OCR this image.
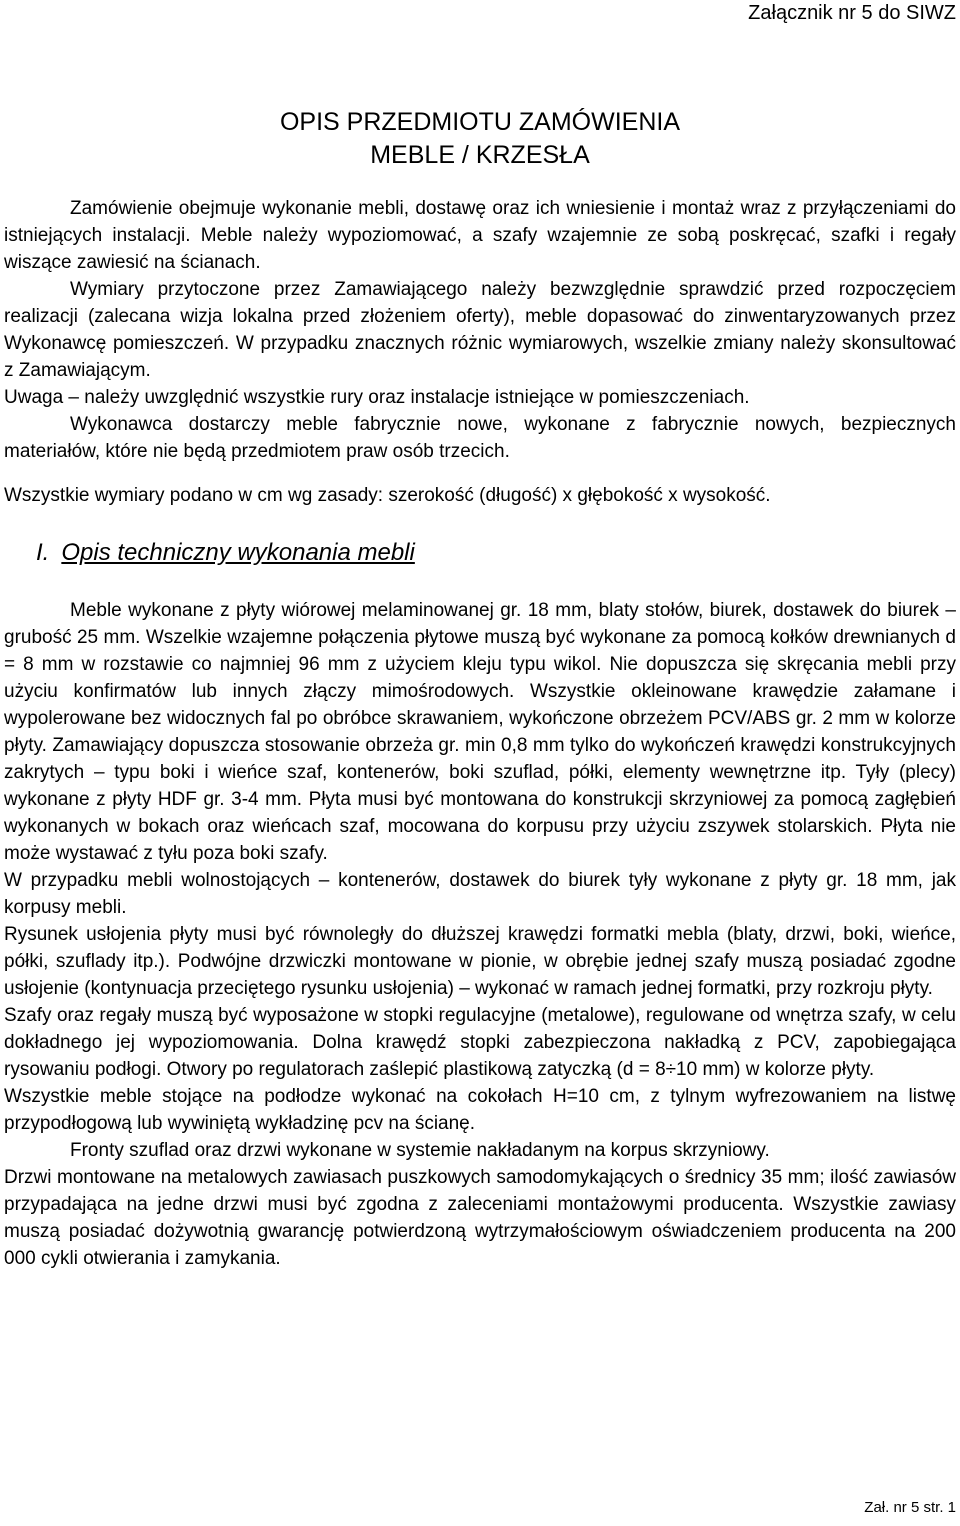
Załącznik nr 5 do SIWZ
OPIS PRZEDMIOTU ZAMÓWIENIA
MEBLE / KRZESŁA

Zamówienie obejmuje wykonanie mebli, dostawę oraz ich wniesienie i montaż wraz z przyłączeniami do istniejących instalacji. Meble należy wypoziomować, a szafy wzajemnie ze sobą poskręcać, szafki i regały wiszące zawiesić na ścianach.

Wymiary przytoczone przez Zamawiającego należy bezwzględnie sprawdzić przed rozpoczęciem realizacji (zalecana wizja lokalna przed złożeniem oferty), meble dopasować do zinwentaryzowanych przez Wykonawcę pomieszczeń. W przypadku znacznych różnic wymiarowych, wszelkie zmiany należy skonsultować z Zamawiającym.

Uwaga – należy uwzględnić wszystkie rury oraz instalacje istniejące w pomieszczeniach.

Wykonawca dostarczy meble fabrycznie nowe, wykonane z fabrycznie nowych, bezpiecznych materiałów, które nie będą przedmiotem praw osób trzecich.

Wszystkie wymiary podano w cm wg zasady: szerokość (długość) x głębokość x wysokość.

I. Opis techniczny wykonania mebli

Meble wykonane z płyty wiórowej melaminowanej gr. 18 mm, blaty stołów, biurek, dostawek do biurek – grubość 25 mm. Wszelkie wzajemne połączenia płytowe muszą być wykonane za pomocą kołków drewnianych d = 8 mm w rozstawie co najmniej 96 mm z użyciem kleju typu wikol. Nie dopuszcza się skręcania mebli przy użyciu konfirmatów lub innych złączy mimośrodowych. Wszystkie okleinowane krawędzie załamane i wypolerowane bez widocznych fal po obróbce skrawaniem, wykończone obrzeżem PCV/ABS gr. 2 mm w kolorze płyty. Zamawiający dopuszcza stosowanie obrzeża gr. min 0,8 mm tylko do wykończeń krawędzi konstrukcyjnych zakrytych – typu boki i wieńce szaf, kontenerów, boki szuflad, półki, elementy wewnętrzne itp. Tyły (plecy) wykonane z płyty HDF gr. 3-4 mm. Płyta musi być montowana do konstrukcji skrzyniowej za pomocą zagłębień wykonanych w bokach oraz wieńcach szaf, mocowana do korpusu przy użyciu zszywek stolarskich. Płyta nie może wystawać z tyłu poza boki szafy.

W przypadku mebli wolnostojących – kontenerów, dostawek do biurek tyły wykonane z płyty gr. 18 mm, jak korpusy mebli.

Rysunek usłojenia płyty musi być równoległy do dłuższej krawędzi formatki mebla (blaty, drzwi, boki, wieńce, półki, szuflady itp.). Podwójne drzwiczki montowane w pionie, w obrębie jednej szafy muszą posiadać zgodne usłojenie (kontynuacja przeciętego rysunku usłojenia) – wykonać w ramach jednej formatki, przy rozkroju płyty.

Szafy oraz regały muszą być wyposażone w stopki regulacyjne (metalowe), regulowane od wnętrza szafy, w celu dokładnego jej wypoziomowania. Dolna krawędź stopki zabezpieczona nakładką z PCV, zapobiegająca rysowaniu podłogi. Otwory po regulatorach zaślepić plastikową zatyczką (d = 8÷10 mm) w kolorze płyty.

Wszystkie meble stojące na podłodze wykonać na cokołach H=10 cm, z tylnym wyfrezowaniem na listwę przypodłogową lub wywiniętą wykładzinę pcv na ścianę.

Fronty szuflad oraz drzwi wykonane w systemie nakładanym na korpus skrzyniowy.

Drzwi montowane na metalowych zawiasach puszkowych samodomykających o średnicy 35 mm; ilość zawiasów przypadająca na jedne drzwi musi być zgodna z zaleceniami montażowymi producenta. Wszystkie zawiasy muszą posiadać dożywotnią gwarancję potwierdzoną wytrzymałościowym oświadczeniem producenta na 200 000 cykli otwierania i zamykania.

Zał. nr 5 str. 1
